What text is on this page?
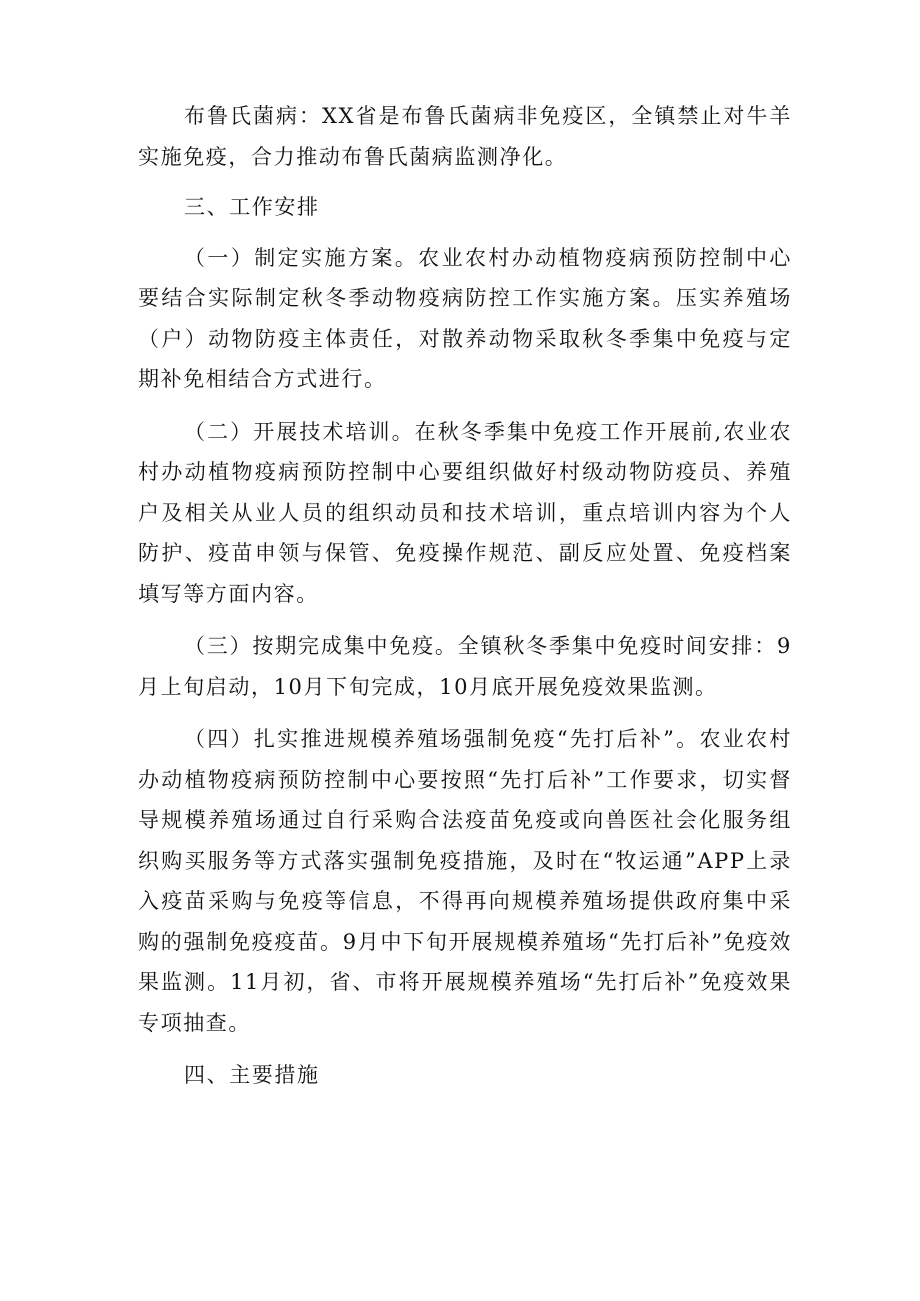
布鲁氏菌病：XX省是布鲁氏菌病非免疫区，全镇禁止对牛羊实施免疫，合力推动布鲁氏菌病监测净化。

三、工作安排

（一）制定实施方案。农业农村办动植物疫病预防控制中心要结合实际制定秋冬季动物疫病防控工作实施方案。压实养殖场（户）动物防疫主体责任，对散养动物采取秋冬季集中免疫与定期补免相结合方式进行。

（二）开展技术培训。在秋冬季集中免疫工作开展前,农业农村办动植物疫病预防控制中心要组织做好村级动物防疫员、养殖户及相关从业人员的组织动员和技术培训，重点培训内容为个人防护、疫苗申领与保管、免疫操作规范、副反应处置、免疫档案填写等方面内容。

（三）按期完成集中免疫。全镇秋冬季集中免疫时间安排：9月上旬启动，10月下旬完成，10月底开展免疫效果监测。

（四）扎实推进规模养殖场强制免疫“先打后补”。农业农村办动植物疫病预防控制中心要按照“先打后补”工作要求，切实督导规模养殖场通过自行采购合法疫苗免疫或向兽医社会化服务组织购买服务等方式落实强制免疫措施，及时在“牧运通”APP上录入疫苗采购与免疫等信息，不得再向规模养殖场提供政府集中采购的强制免疫疫苗。9月中下旬开展规模养殖场“先打后补”免疫效果监测。11月初，省、市将开展规模养殖场“先打后补”免疫效果专项抽查。

四、主要措施
